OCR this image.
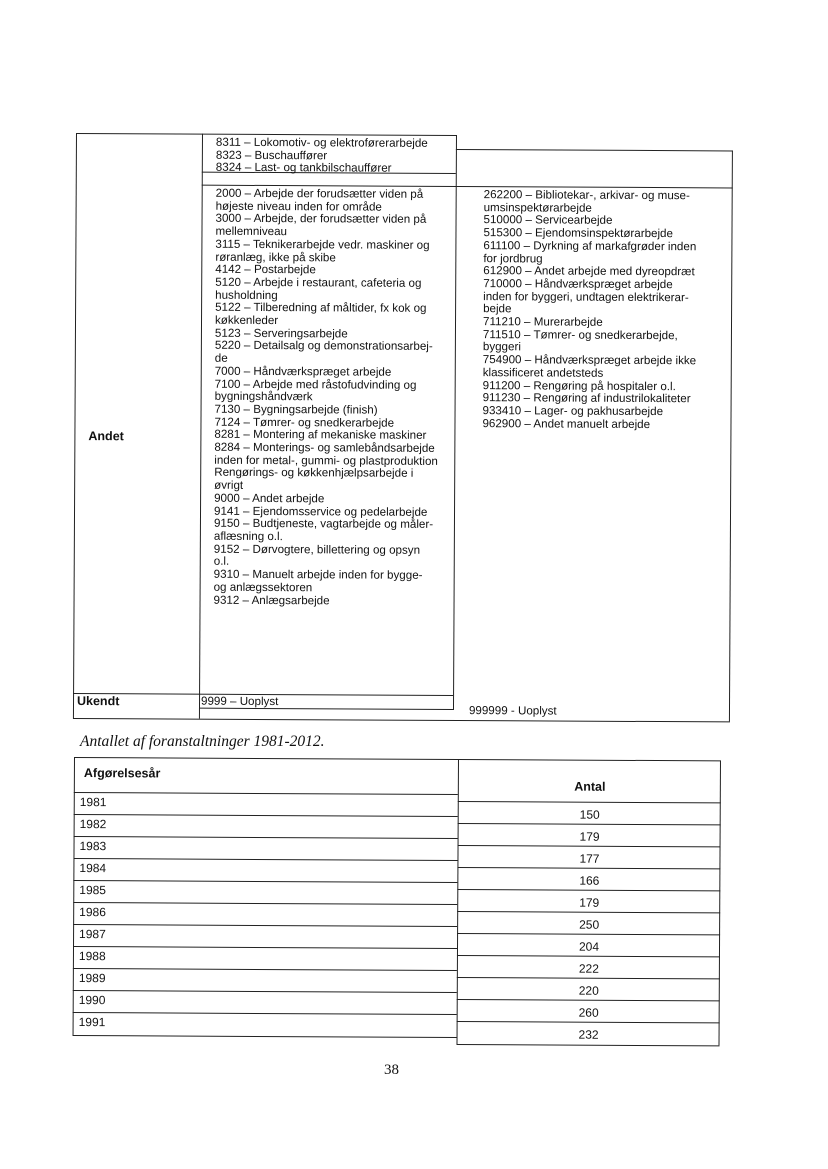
8311 – Lokomotiv- og elektroførerarbejde
8323 – Buschauffører
8324 – Last- og tankbilschauffører
Andet
2000 – Arbejde der forudsætter viden på
højeste niveau inden for område
3000 – Arbejde, der forudsætter viden på
mellemniveau
3115 – Teknikerarbejde vedr. maskiner og
røranlæg, ikke på skibe
4142 – Postarbejde
5120 – Arbejde i restaurant, cafeteria og
husholdning
5122 – Tilberedning af måltider, fx kok og
køkkenleder
5123 – Serveringsarbejde
5220 – Detailsalg og demonstrationsarbej-
de
7000 – Håndværkspræget arbejde
7100 – Arbejde med råstofudvinding og
bygningshåndværk
7130 – Bygningsarbejde (finish)
7124 – Tømrer- og snedkerarbejde
8281 – Montering af mekaniske maskiner
8284 – Monterings- og samlebåndsarbejde
inden for metal-, gummi- og plastproduktion
Rengørings- og køkkenhjælpsarbejde i
øvrigt
9000 – Andet arbejde
9141 – Ejendomsservice og pedelarbejde
9150 – Budtjeneste, vagtarbejde og måler-
aflæsning o.l.
9152 – Dørvogtere, billettering og opsyn
o.l.
9310 – Manuelt arbejde inden for bygge-
og anlægssektoren
9312 – Anlægsarbejde
262200 – Bibliotekar-, arkivar- og muse-
umsinspektørarbejde
510000 – Servicearbejde
515300 – Ejendomsinspektørarbejde
611100 – Dyrkning af markafgrøder inden
for jordbrug
612900 – Andet arbejde med dyreopdræt
710000 – Håndværkspræget arbejde
inden for byggeri, undtagen elektrikerar-
bejde
711210 – Murerarbejde
711510 – Tømrer- og snedkerarbejde,
byggeri
754900 – Håndværkspræget arbejde ikke
klassificeret andetsteds
911200 – Rengøring på hospitaler o.l.
911230 – Rengøring af industrilokaliteter
933410 – Lager- og pakhusarbejde
962900 – Andet manuelt arbejde
Ukendt	9999 – Uoplyst
999999 - Uoplyst
Antallet af foranstaltninger 1981-2012.
Afgørelsesår
Antal
1981
150
1982
179
1983
177
1984
166
1985
179
1986
250
1987
204
1988
222
1989
220
1990
260
1991
232
38
